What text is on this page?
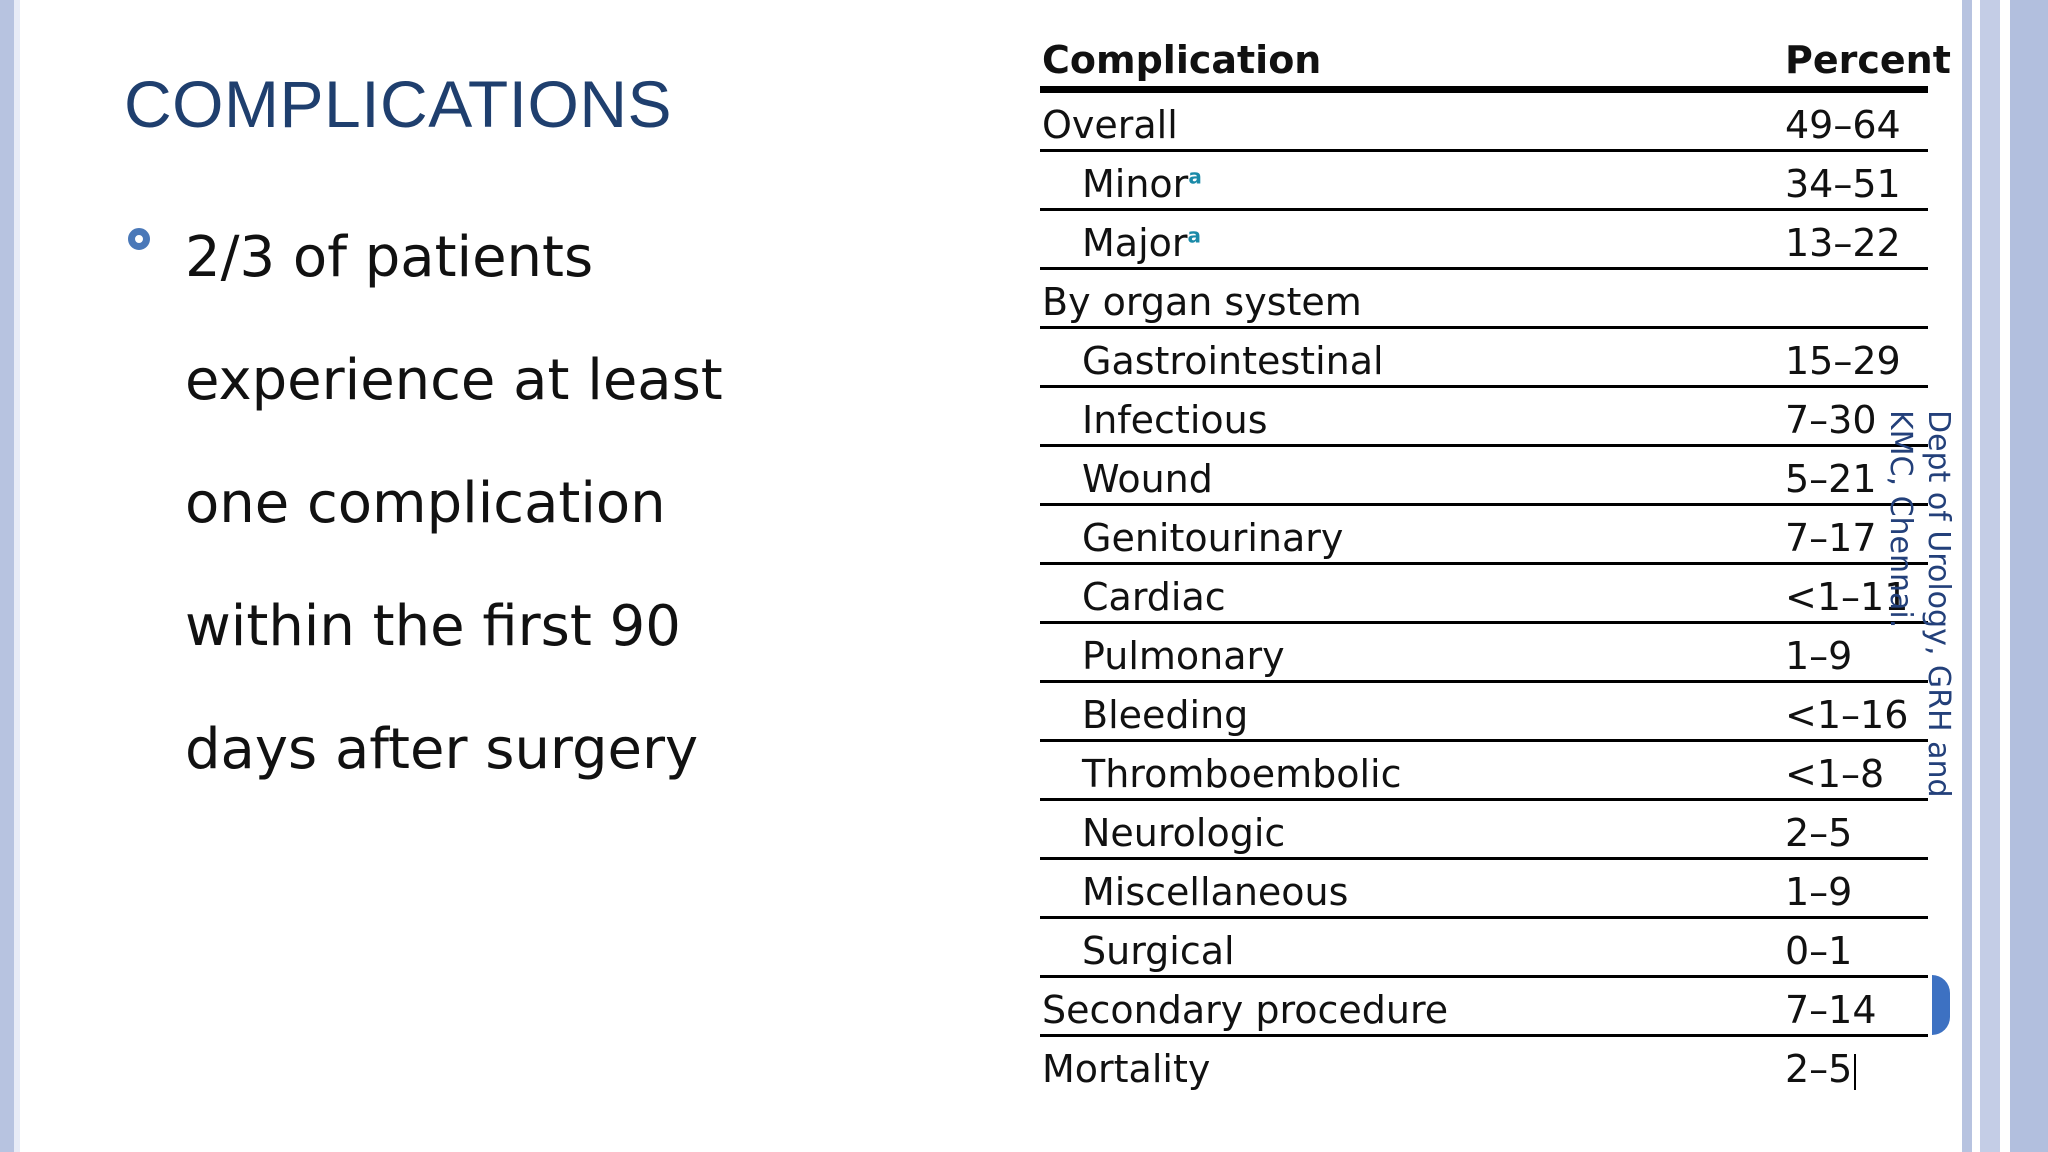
COMPLICATIONS
2/3 of patients
experience at least
one complication
within the first 90
days after surgery
Complication	Percent
Overall	49–64
Minor$^a$	34–51
Major$^a$	13–22
By organ system
Gastrointestinal	15–29
Infectious	7–30
Wound	5–21
Genitourinary	7–17
Cardiac	<1–11
Pulmonary	1–9
Bleeding	<1–16
Thromboembolic	<1–8
Neurologic	2–5
Miscellaneous	1–9
Surgical	0–1
Secondary procedure	7–14
Mortality	2–5
Dept of Urology, GRH and KMC, Chennai.
